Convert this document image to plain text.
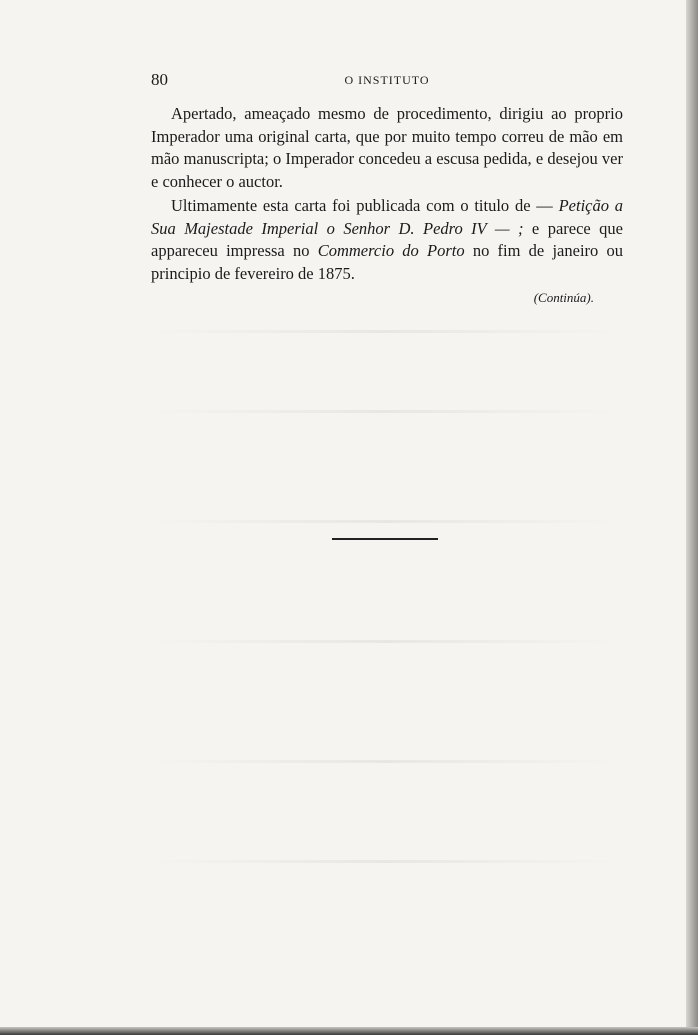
80	O INSTITUTO

Apertado, ameaçado mesmo de procedimento, dirigiu ao proprio Imperador uma original carta, que por muito tempo correu de mão em mão manuscripta; o Imperador concedeu a escusa pedida, e desejou ver e conhecer o auctor.

Ultimamente esta carta foi publicada com o titulo de — Petição a Sua Majestade Imperial o Senhor D. Pedro IV — ; e parece que appareceu impressa no Commercio do Porto no fim de janeiro ou principio de fevereiro de 1875.

(Continúa).
